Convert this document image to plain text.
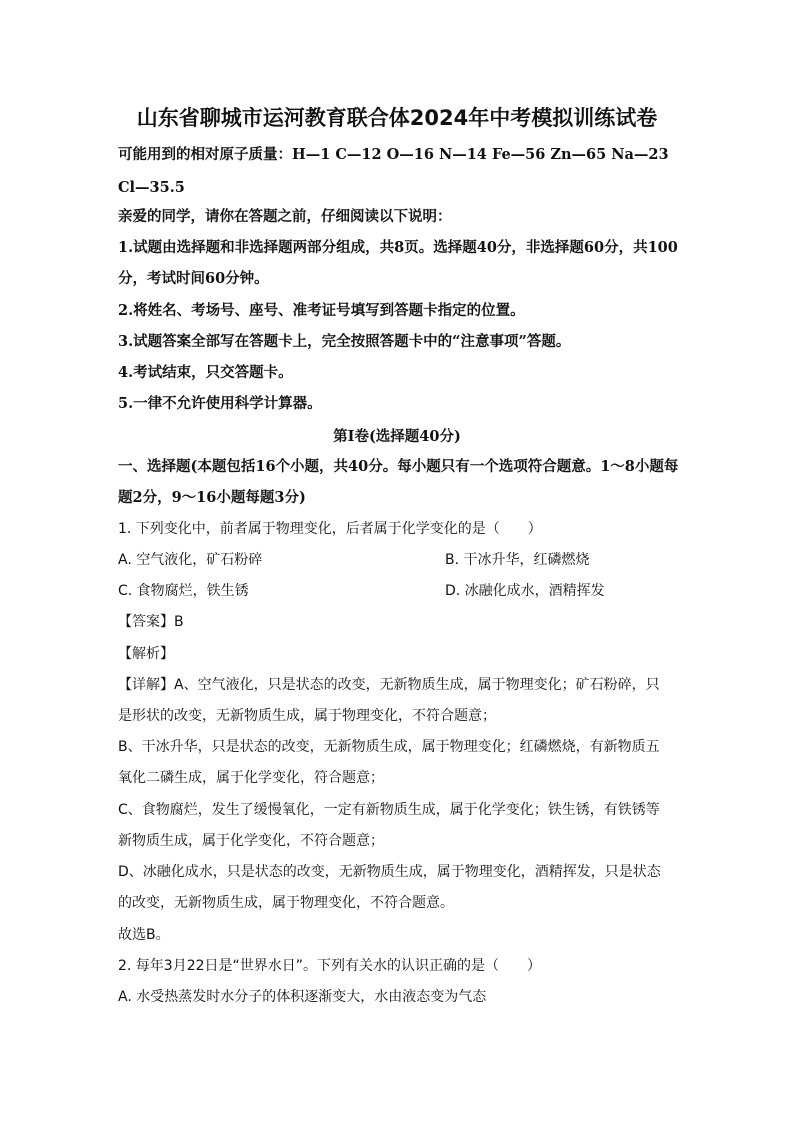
山东省聊城市运河教育联合体2024年中考模拟训练试卷
可能用到的相对原子质量：H—1 C—12 O—16 N—14 Fe—56 Zn—65 Na—23
Cl—35.5
亲爱的同学，请你在答题之前，仔细阅读以下说明：
1.试题由选择题和非选择题两部分组成，共8页。选择题40分，非选择题60分，共100
分，考试时间60分钟。
2.将姓名、考场号、座号、准考证号填写到答题卡指定的位置。
3.试题答案全部写在答题卡上，完全按照答题卡中的“注意事项”答题。
4.考试结束，只交答题卡。
5.一律不允许使用科学计算器。
第Ⅰ卷(选择题40分)
一、选择题(本题包括16个小题，共40分。每小题只有一个选项符合题意。1～8小题每
题2分，9～16小题每题3分)
1. 下列变化中，前者属于物理变化，后者属于化学变化的是（　　）
A. 空气液化，矿石粉碎	B. 干冰升华，红磷燃烧
C. 食物腐烂，铁生锈	D. 冰融化成水，酒精挥发
【答案】B
【解析】
【详解】A、空气液化，只是状态的改变，无新物质生成，属于物理变化；矿石粉碎，只
是形状的改变，无新物质生成，属于物理变化，不符合题意；
B、干冰升华，只是状态的改变，无新物质生成，属于物理变化；红磷燃烧，有新物质五
氧化二磷生成，属于化学变化，符合题意；
C、食物腐烂，发生了缓慢氧化，一定有新物质生成，属于化学变化；铁生锈，有铁锈等
新物质生成，属于化学变化，不符合题意；
D、冰融化成水，只是状态的改变，无新物质生成，属于物理变化，酒精挥发，只是状态
的改变，无新物质生成，属于物理变化，不符合题意。
故选B。
2. 每年3月22日是“世界水日”。下列有关水的认识正确的是（　　）
A. 水受热蒸发时水分子的体积逐渐变大，水由液态变为气态
